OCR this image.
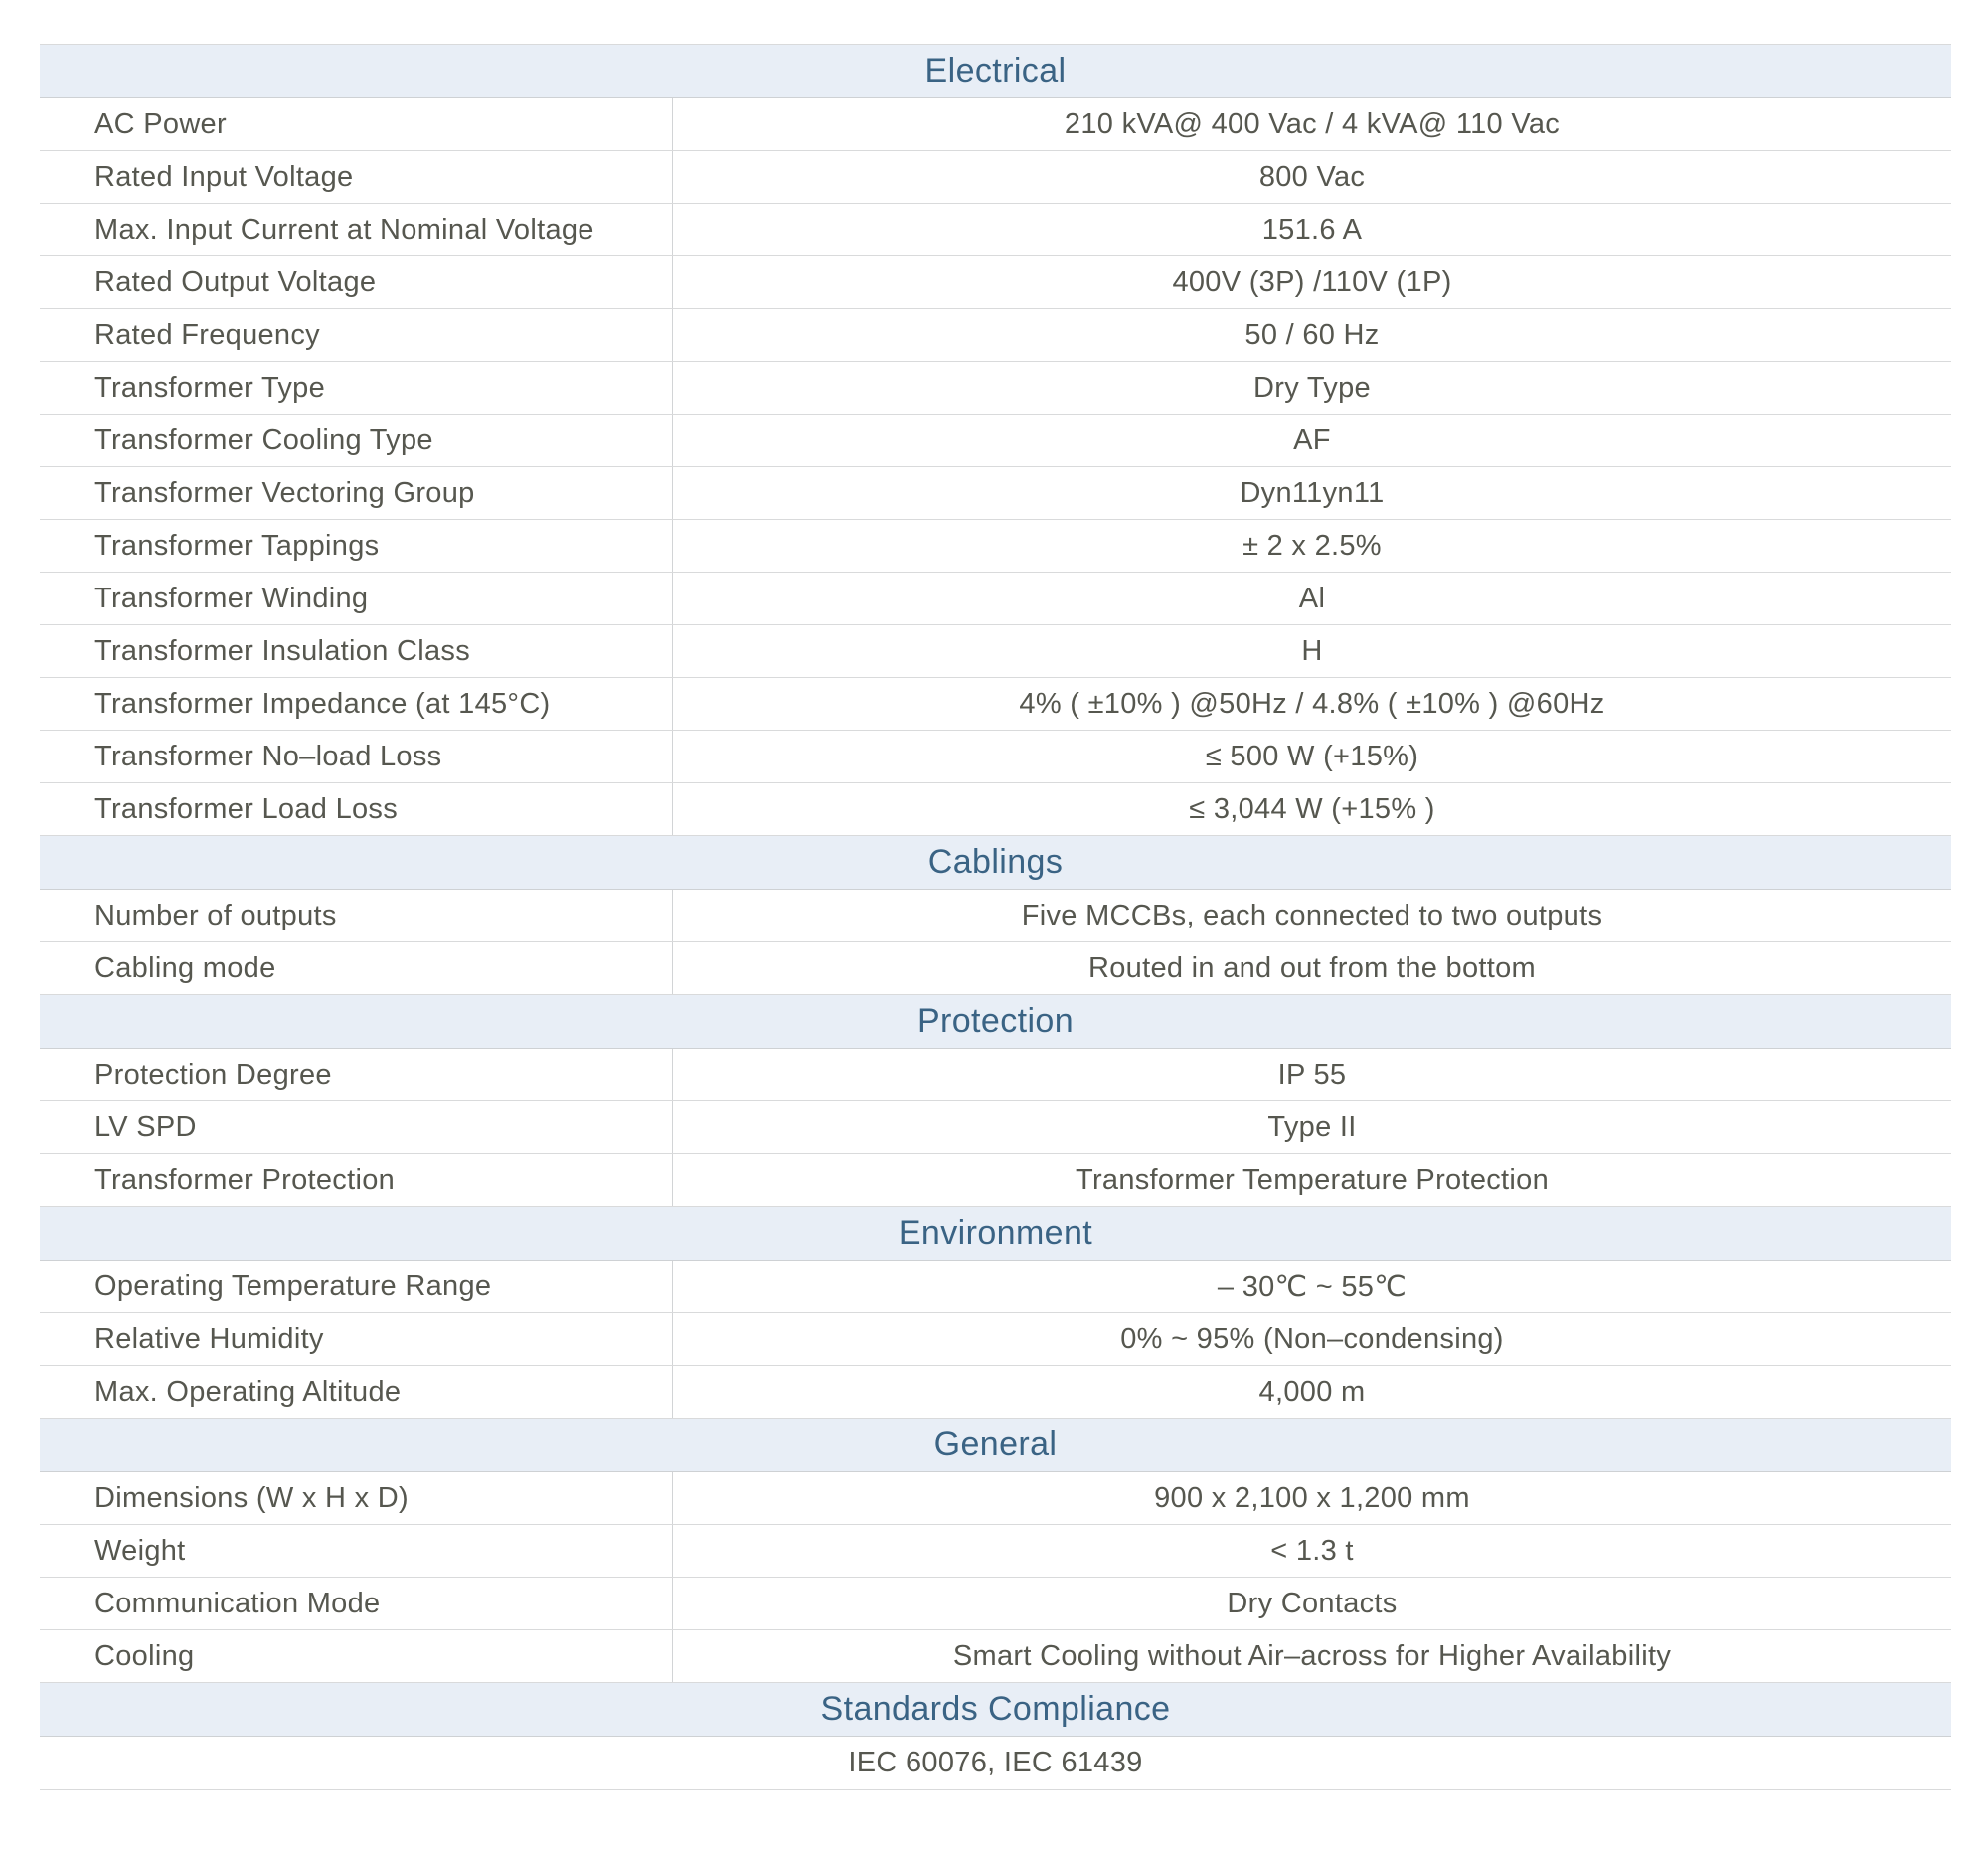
Electrical
AC Power	210 kVA@ 400 Vac / 4 kVA@ 110 Vac
Rated Input Voltage	800 Vac
Max. Input Current at Nominal Voltage	151.6 A
Rated Output Voltage	400V (3P) /110V (1P)
Rated Frequency	50 / 60 Hz
Transformer Type	Dry Type
Transformer Cooling Type	AF
Transformer Vectoring Group	Dyn11yn11
Transformer Tappings	± 2 x 2.5%
Transformer Winding	Al
Transformer Insulation Class	H
Transformer Impedance (at 145°C)	4% ( ±10% ) @50Hz / 4.8% ( ±10% ) @60Hz
Transformer No–load Loss	≤ 500 W (+15%)
Transformer Load Loss	≤ 3,044 W (+15% )
Cablings
Number of outputs	Five MCCBs, each connected to two outputs
Cabling mode	Routed in and out from the bottom
Protection
Protection Degree	IP 55
LV SPD	Type II
Transformer Protection	Transformer Temperature Protection
Environment
Operating Temperature Range	– 30℃ ~ 55℃
Relative Humidity	0% ~ 95% (Non–condensing)
Max. Operating Altitude	4,000 m
General
Dimensions (W x H x D)	900 x 2,100 x 1,200 mm
Weight	< 1.3 t
Communication Mode	Dry Contacts
Cooling	Smart Cooling without Air–across for Higher Availability
Standards Compliance
IEC 60076, IEC 61439
